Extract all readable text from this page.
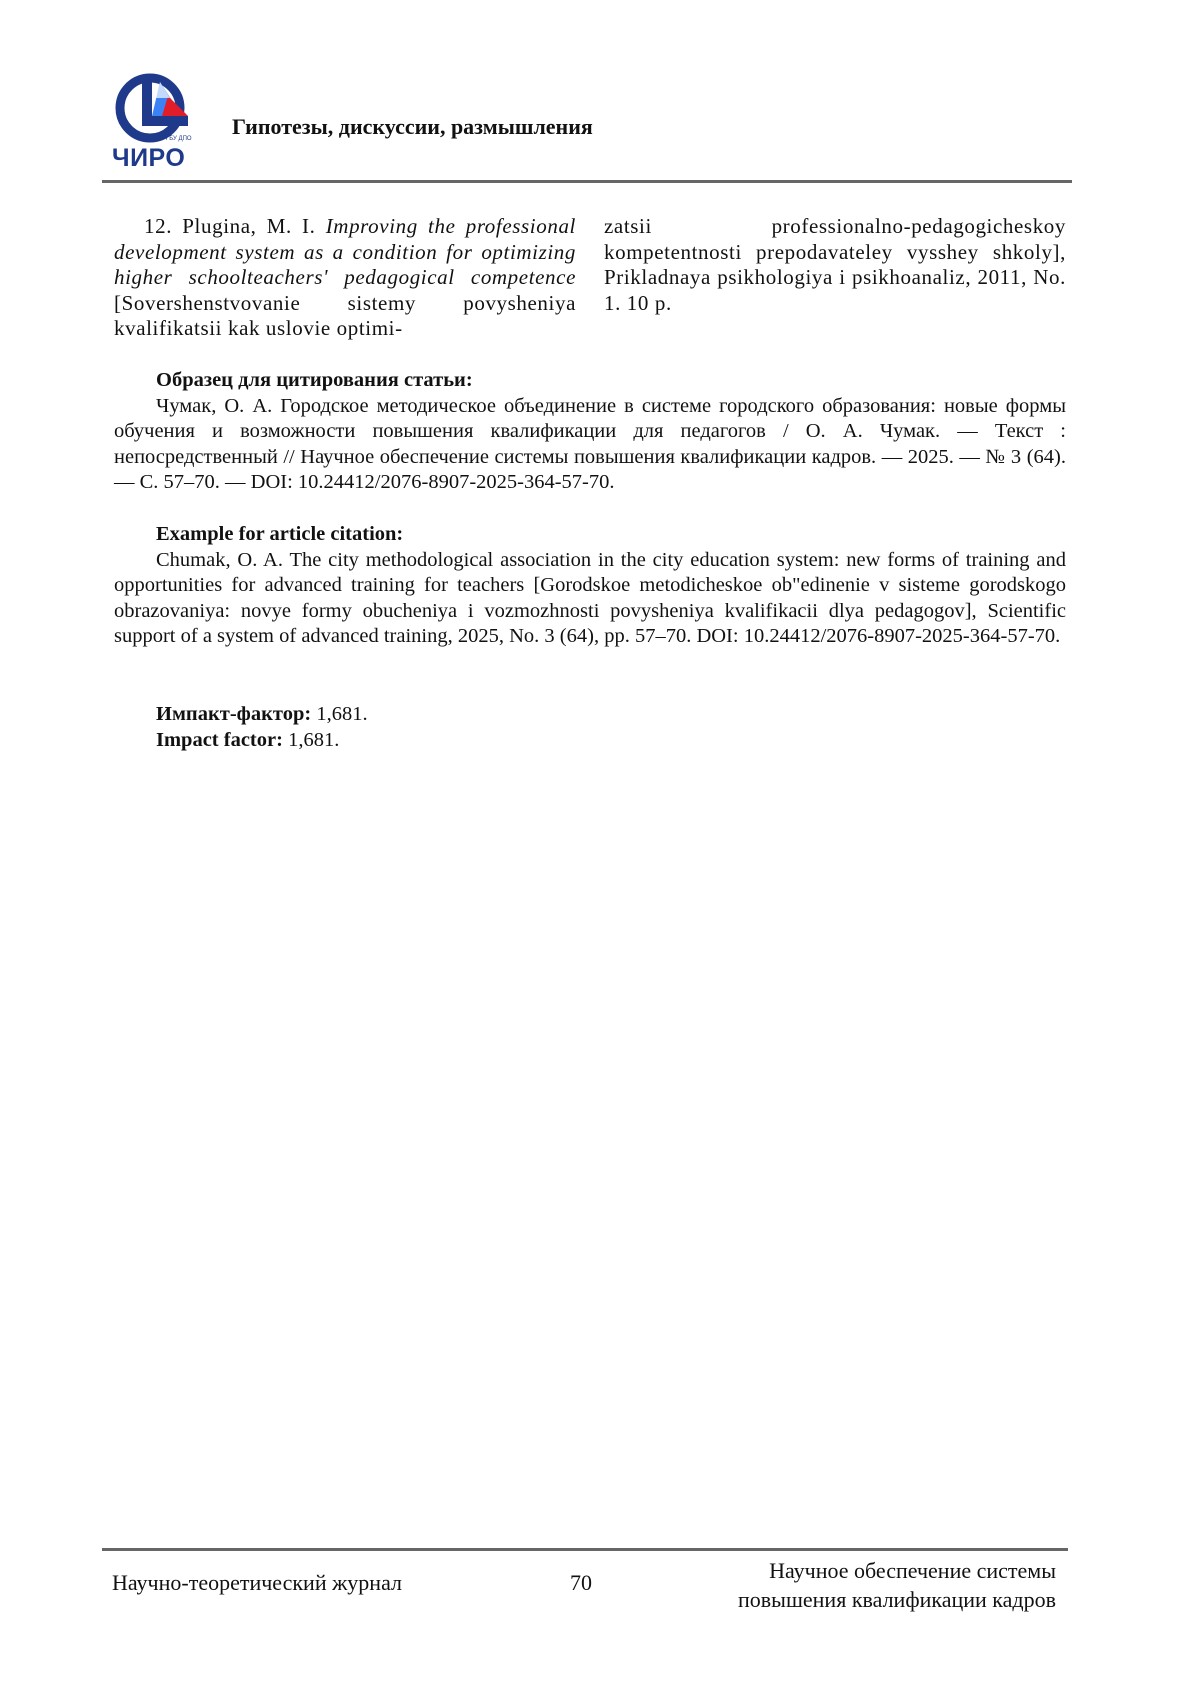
ГБУ ДПО
ЧИРО
Гипотезы, дискуссии, размышления
12. Plugina, M. I. Improving the professional development system as a condition for optimizing higher schoolteachers' pedagogical competence [Sovershenstvovanie sistemy povysheniya kvalifikatsii kak uslovie optimi-
zatsii professionalno-pedagogicheskoy kompetentnosti prepodavateley vysshey shkoly], Prikladnaya psikhologiya i psikhoanaliz, 2011, No. 1. 10 p.

Образец для цитирования статьи:

Чумак, О. А. Городское методическое объединение в системе городского образования: новые формы обучения и возможности повышения квалификации для педагогов / О. А. Чумак. — Текст : непосредственный // Научное обеспечение системы повышения квалификации кадров. — 2025. — № 3 (64). — С. 57–70. — DOI: 10.24412/2076-8907-2025-364-57-70.

Example for article citation:

Chumak, O. A. The city methodological association in the city education system: new forms of training and opportunities for advanced training for teachers [Gorodskoe metodicheskoe ob"edinenie v sisteme gorodskogo obrazovaniya: novye formy obucheniya i vozmozhnosti povysheniya kvalifikacii dlya pedagogov], Scientific support of a system of advanced training, 2025, No. 3 (64), pp. 57–70. DOI: 10.24412/2076-8907-2025-364-57-70.

Импакт-фактор: 1,681.

Impact factor: 1,681.

Научно-теоретический журнал	70	Научное обеспечение системы
повышения квалификации кадров
